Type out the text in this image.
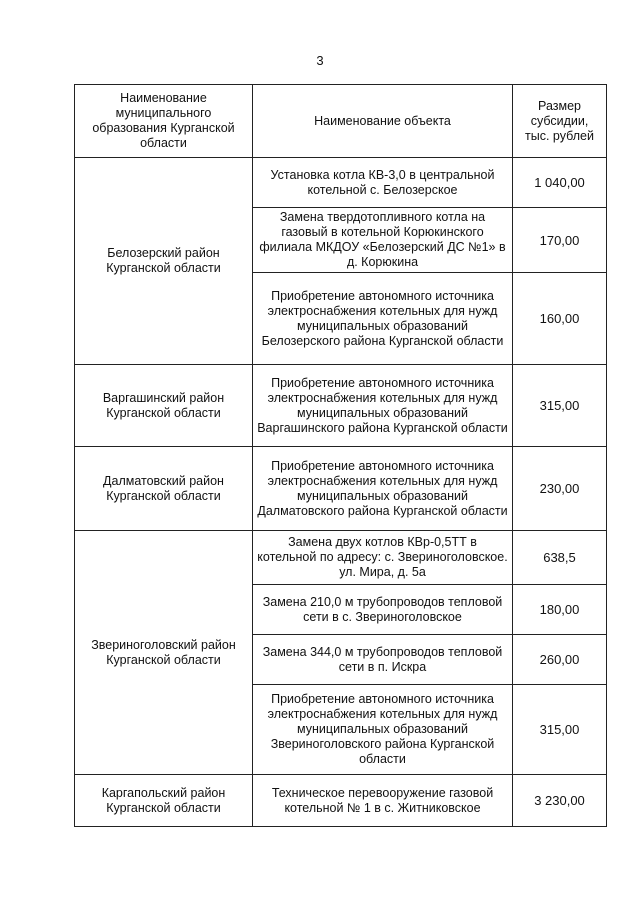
3
Наименование муниципального образования Курганской области	Наименование объекта	Размер субсидии, тыс. рублей
Белозерский район Курганской области	Установка котла КВ-3,0 в центральной котельной с. Белозерское	1 040,00
	Замена твердотопливного котла на газовый в котельной Корюкинского филиала МКДОУ «Белозерский ДС №1» в д. Корюкина	170,00
	Приобретение автономного источника электроснабжения котельных для нужд муниципальных образований Белозерского района Курганской области	160,00
Варгашинский район Курганской области	Приобретение автономного источника электроснабжения котельных для нужд муниципальных образований Варгашинского района Курганской области	315,00
Далматовский район Курганской области	Приобретение автономного источника электроснабжения котельных для нужд муниципальных образований Далматовского района Курганской области	230,00
Звериноголовский район Курганской области	Замена двух котлов КВр-0,5ТТ в котельной по адресу: с. Звериноголовское. ул. Мира, д. 5а	638,5
	Замена 210,0 м трубопроводов тепловой сети в с. Звериноголовское	180,00
	Замена 344,0 м трубопроводов тепловой сети в п. Искра	260,00
	Приобретение автономного источника электроснабжения котельных для нужд муниципальных образований Звериноголовского района Курганской области	315,00
Каргапольский район Курганской области	Техническое перевооружение газовой котельной № 1 в с. Житниковское	3 230,00
